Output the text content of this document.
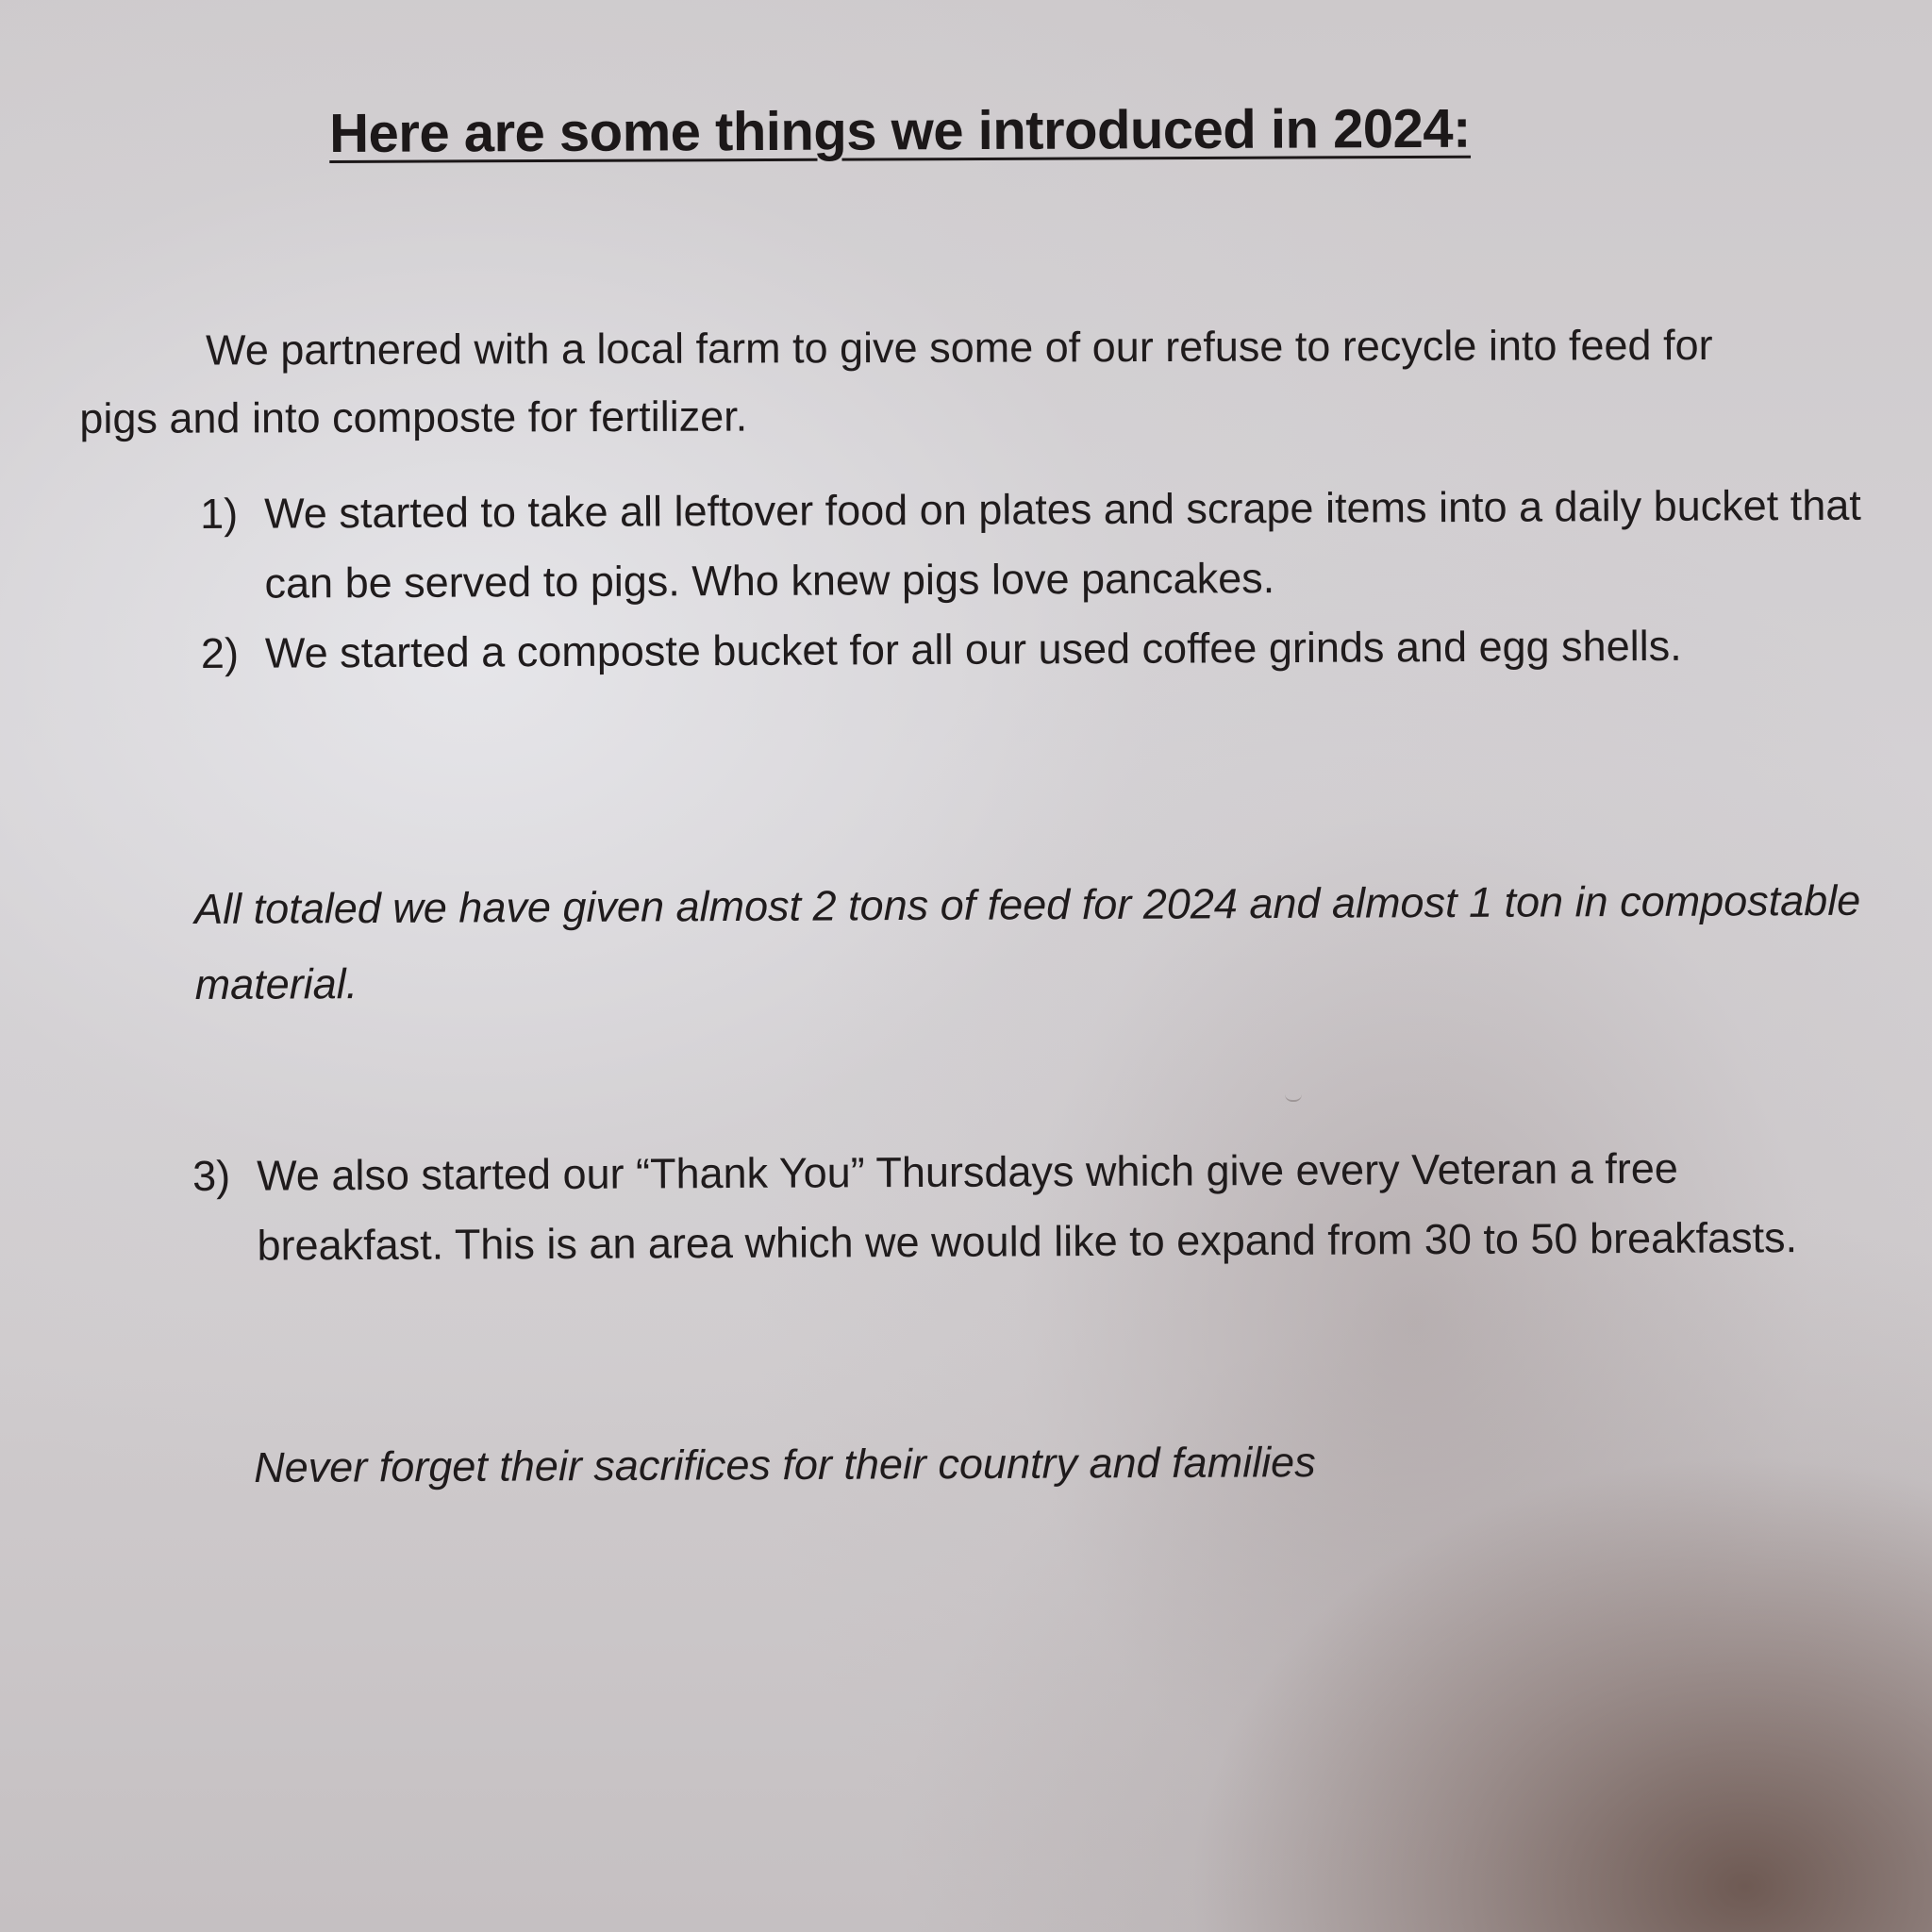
Here are some things we introduced in 2024:

We partnered with a local farm to give some of our refuse to recycle into feed for pigs and into composte for fertilizer.

1) We started to take all leftover food on plates and scrape items into a daily bucket that can be served to pigs. Who knew pigs love pancakes.
2) We started a composte bucket for all our used coffee grinds and egg shells.

All totaled we have given almost 2 tons of feed for 2024 and almost 1 ton in compostable material.

3) We also started our “Thank You” Thursdays which give every Veteran a free breakfast. This is an area which we would like to expand from 30 to 50 breakfasts.

Never forget their sacrifices for their country and families
